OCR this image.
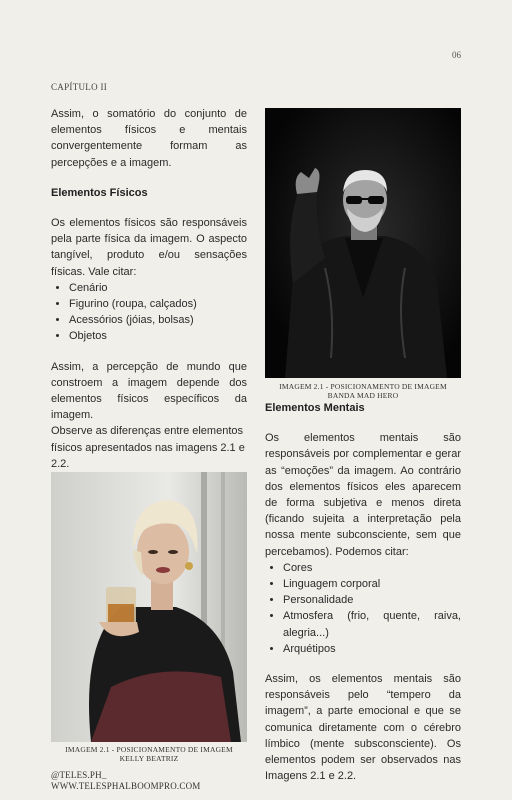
06
CAPÍTULO II

Assim, o somatório do conjunto de elementos físicos e mentais convergentemente formam as percepções e a imagem.

Elementos Físicos

Os elementos físicos são responsáveis pela parte física da imagem. O aspecto tangível, produto e/ou sensações físicas. Vale citar:

• Cenário
• Figurino (roupa, calçados)
• Acessórios (jóias, bolsas)
• Objetos

Assim, a percepção de mundo que constroem a imagem depende dos elementos físicos específicos da imagem.

Observe as diferenças entre elementos físicos apresentados nas imagens 2.1 e 2.2.

IMAGEM 2.1 - POSICIONAMENTO DE IMAGEM
BANDA MAD HERO
Elementos Mentais

Os elementos mentais são responsáveis por complementar e gerar as “emoções” da imagem. Ao contrário dos elementos físicos eles aparecem de forma subjetiva e menos direta (ficando sujeita a interpretação pela nossa mente subconsciente, sem que percebamos). Podemos citar:

• Cores
• Linguagem corporal
• Personalidade
• Atmosfera (frio, quente, raiva, alegria...)
• Arquétipos

Assim, os elementos mentais são responsáveis pelo “tempero da imagem”, a parte emocional e que se comunica diretamente com o cérebro límbico (mente subsconsciente). Os elementos podem ser observados nas Imagens 2.1 e 2.2.

IMAGEM 2.1 - POSICIONAMENTO DE IMAGEM
KELLY BEATRIZ
@TELES.PH_
WWW.TELESPHALBOOMPRO.COM
